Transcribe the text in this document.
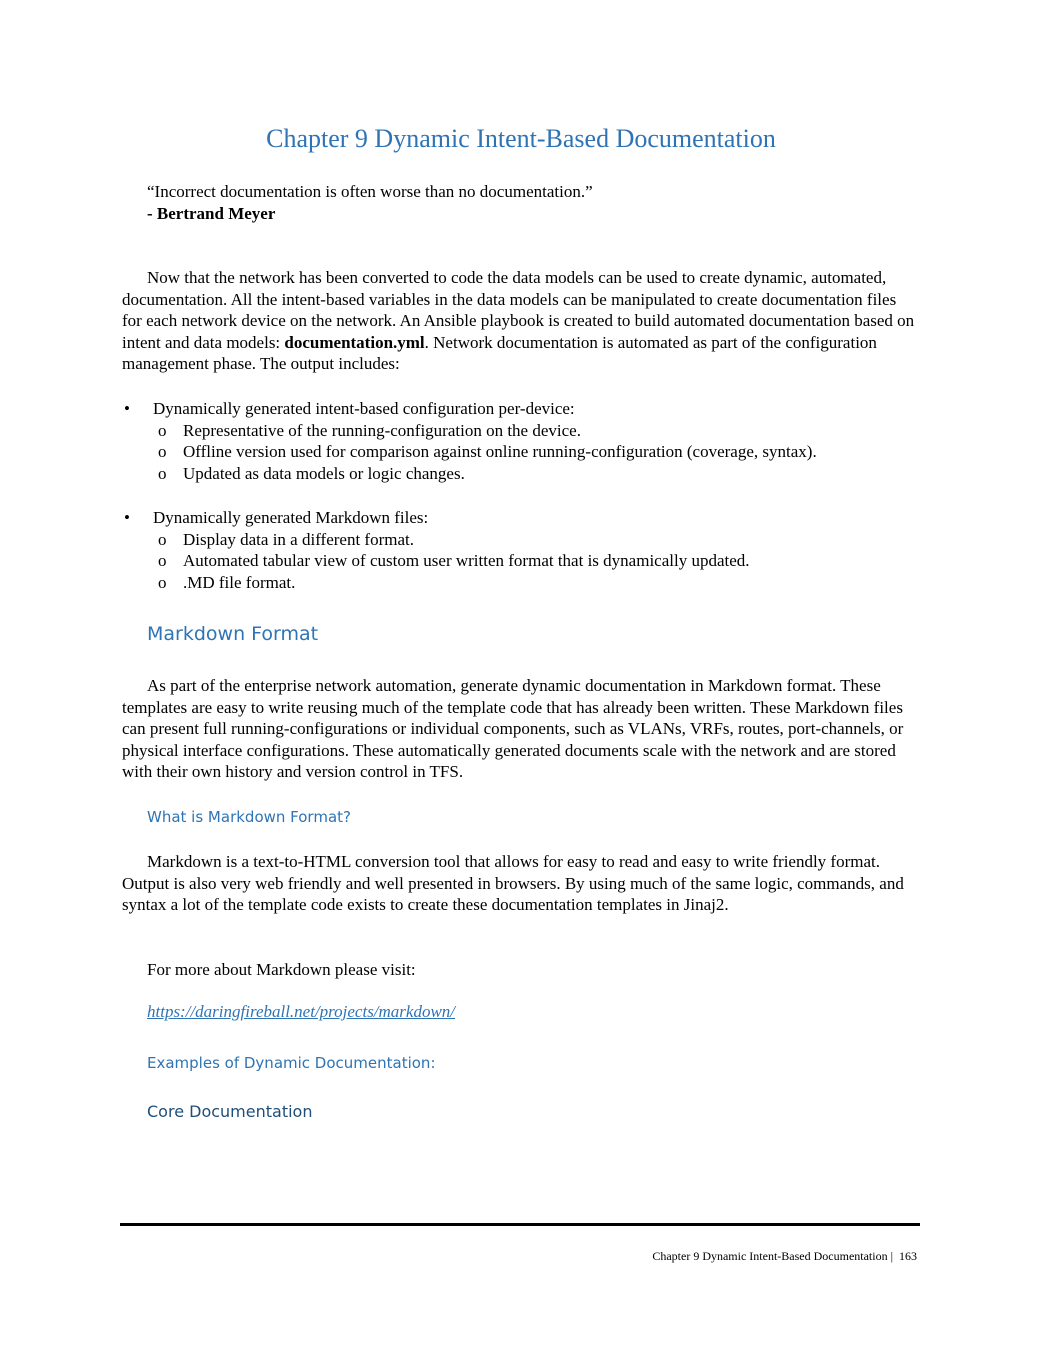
Chapter 9 Dynamic Intent-Based Documentation
“Incorrect documentation is often worse than no documentation.”
- Bertrand Meyer

Now that the network has been converted to code the data models can be used to create dynamic, automated, documentation. All the intent-based variables in the data models can be manipulated to create documentation files for each network device on the network. An Ansible playbook is created to build automated documentation based on intent and data models: documentation.yml. Network documentation is automated as part of the configuration management phase. The output includes:

• Dynamically generated intent-based configuration per-device:
o Representative of the running-configuration on the device.
o Offline version used for comparison against online running-configuration (coverage, syntax).
o Updated as data models or logic changes.
• Dynamically generated Markdown files:
o Display data in a different format.
o Automated tabular view of custom user written format that is dynamically updated.
o .MD file format.
Markdown Format

As part of the enterprise network automation, generate dynamic documentation in Markdown format. These templates are easy to write reusing much of the template code that has already been written. These Markdown files can present full running-configurations or individual components, such as VLANs, VRFs, routes, port-channels, or physical interface configurations. These automatically generated documents scale with the network and are stored with their own history and version control in TFS.

What is Markdown Format?

Markdown is a text-to-HTML conversion tool that allows for easy to read and easy to write friendly format. Output is also very web friendly and well presented in browsers. By using much of the same logic, commands, and syntax a lot of the template code exists to create these documentation templates in Jinaj2.

For more about Markdown please visit:

https://daringfireball.net/projects/markdown/
Examples of Dynamic Documentation:
Core Documentation
Chapter 9 Dynamic Intent-Based Documentation | 163
